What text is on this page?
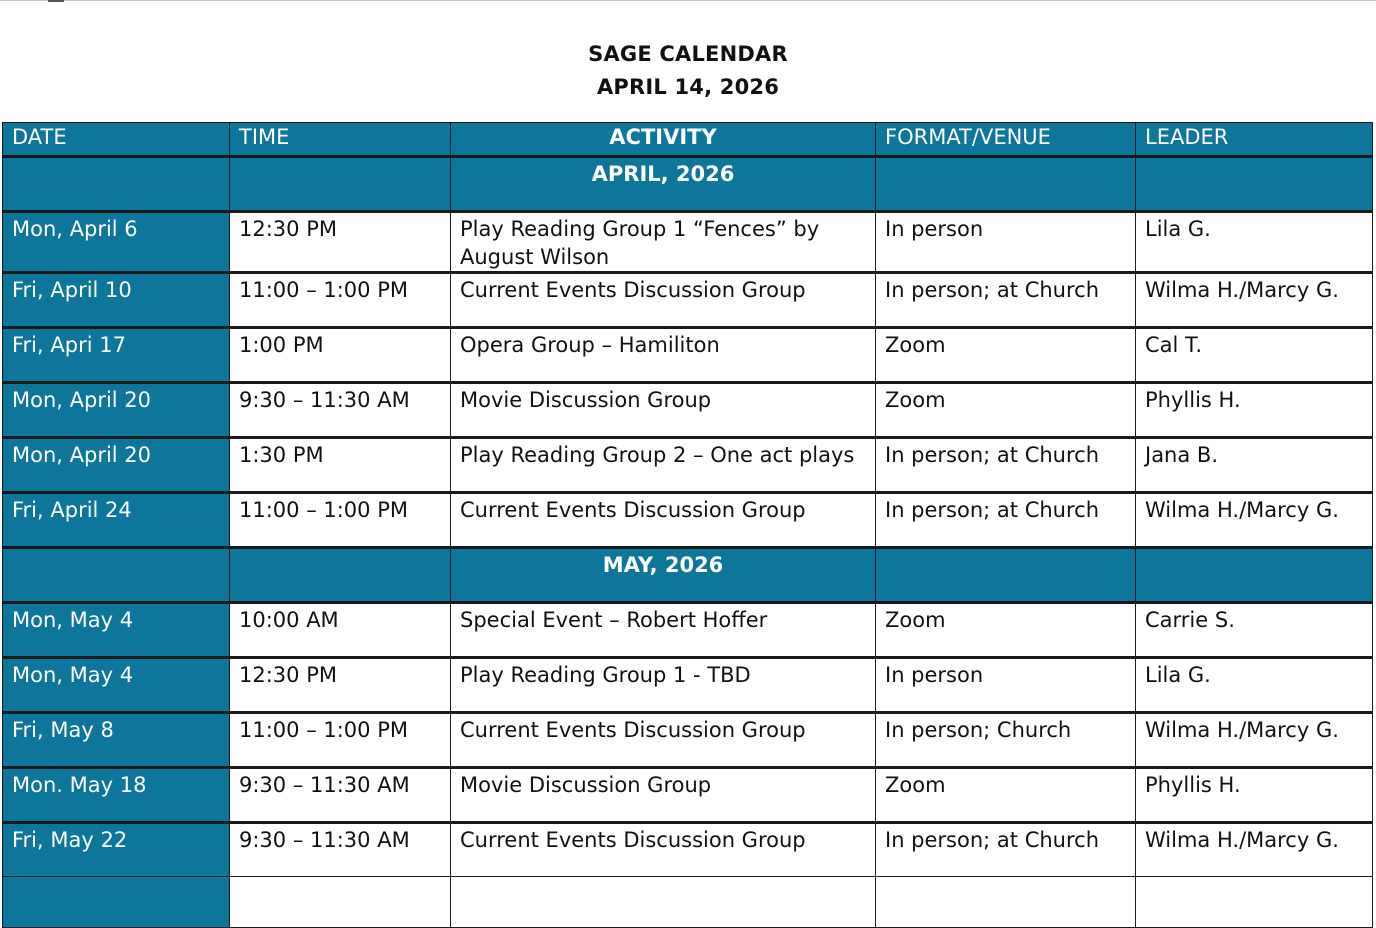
SAGE CALENDAR
APRIL 14, 2026
DATE	TIME	ACTIVITY	FORMAT/VENUE	LEADER
		APRIL, 2026		
Mon, April 6	12:30 PM	Play Reading Group 1 “Fences” by August Wilson	In person	Lila G.
Fri, April 10	11:00 – 1:00 PM	Current Events Discussion Group	In person; at Church	Wilma H./Marcy G.
Fri, Apri 17	1:00 PM	Opera Group – Hamiliton	Zoom	Cal T.
Mon, April 20	9:30 – 11:30 AM	Movie Discussion Group	Zoom	Phyllis H.
Mon, April 20	1:30 PM	Play Reading Group 2 – One act plays	In person; at Church	Jana B.
Fri, April 24	11:00 – 1:00 PM	Current Events Discussion Group	In person; at Church	Wilma H./Marcy G.
		MAY, 2026		
Mon, May 4	10:00 AM	Special Event – Robert Hoffer	Zoom	Carrie S.
Mon, May 4	12:30 PM	Play Reading Group 1 - TBD	In person	Lila G.
Fri, May 8	11:00 – 1:00 PM	Current Events Discussion Group	In person; Church	Wilma H./Marcy G.
Mon. May 18	9:30 – 11:30 AM	Movie Discussion Group	Zoom	Phyllis H.
Fri, May 22	9:30 – 11:30 AM	Current Events Discussion Group	In person; at Church	Wilma H./Marcy G.
